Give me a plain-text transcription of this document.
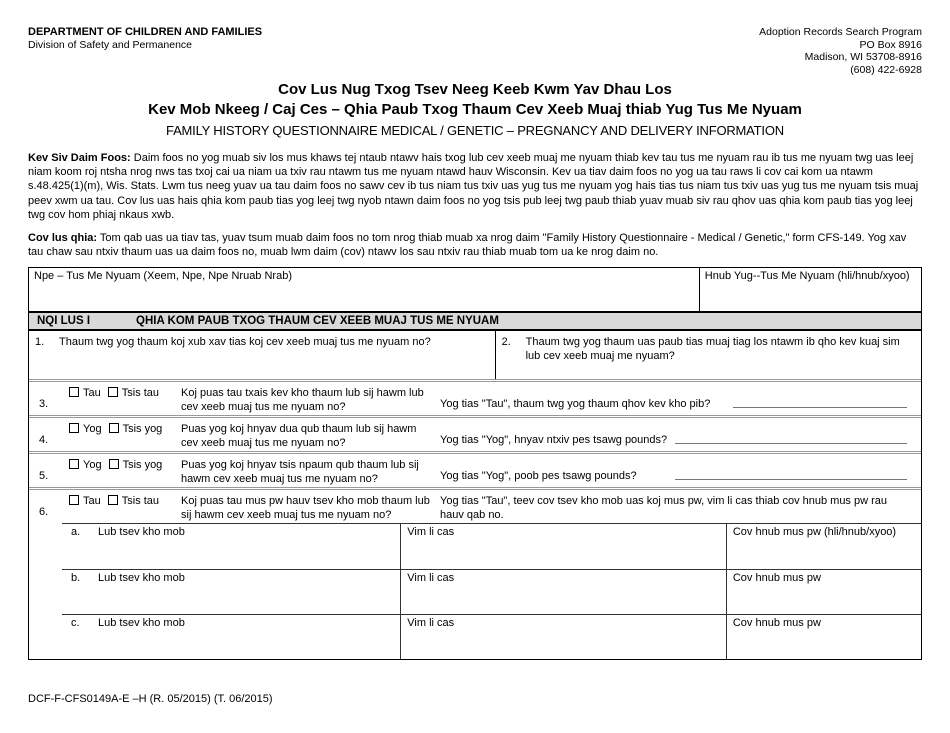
DEPARTMENT OF CHILDREN AND FAMILIES
Division of Safety and Permanence
Adoption Records Search Program
PO Box 8916
Madison, WI 53708-8916
(608) 422-6928
Cov Lus Nug Txog Tsev Neeg Keeb Kwm Yav Dhau Los
Kev Mob Nkeeg / Caj Ces – Qhia Paub Txog Thaum Cev Xeeb Muaj thiab Yug Tus Me Nyuam
FAMILY HISTORY QUESTIONNAIRE MEDICAL / GENETIC – PREGNANCY AND DELIVERY INFORMATION

Kev Siv Daim Foos: Daim foos no yog muab siv los mus khaws tej ntaub ntawv hais txog lub cev xeeb muaj me nyuam thiab kev tau tus me nyuam rau ib tus me nyuam twg uas leej niam koom roj ntsha nrog nws tas txoj cai ua niam ua txiv rau ntawm tus me nyuam ntawd hauv Wisconsin. Kev ua tiav daim foos no yog ua tau raws li cov cai kom ua ntawm s.48.425(1)(m), Wis. Stats. Lwm tus neeg yuav ua tau daim foos no sawv cev ib tus niam tus txiv uas yug tus me nyuam yog hais tias tus niam tus txiv uas yug tus me nyuam tsis muaj peev xwm ua tau. Cov lus uas hais qhia kom paub tias yog leej twg nyob ntawn daim foos no yog tsis pub leej twg paub thiab yuav muab siv rau qhov uas qhia kom paub tias yog leej twg cov hom phiaj nkaus xwb.

Cov lus qhia: Tom qab uas ua tiav tas, yuav tsum muab daim foos no tom nrog thiab muab xa nrog daim "Family History Questionnaire - Medical / Genetic," form CFS-149. Yog xav tau chaw sau ntxiv thaum uas ua daim foos no, muab lwm daim (cov) ntawv los sau ntxiv rau thiab muab tom ua ke nrog daim no.

Npe – Tus Me Nyuam (Xeem, Npe, Npe Nruab Nrab)	Hnub Yug--Tus Me Nyuam (hli/hnub/xyoo)
NQI LUS I	QHIA KOM PAUB TXOG THAUM CEV XEEB MUAJ TUS ME NYUAM
1.	Thaum twg yog thaum koj xub xav tias koj cev xeeb muaj tus me nyuam no?	2.	Thaum twg yog thaum uas paub tias muaj tiag los ntawm ib qho kev kuaj sim lub cev xeeb muaj me nyuam?
3.
Tau Tsis tau	Koj puas tau txais kev kho thaum lub sij hawm lub cev xeeb muaj tus me nyuam no?	Yog tias "Tau", thaum twg yog thaum qhov kev kho pib?
4.
Yog Tsis yog	Puas yog koj hnyav dua qub thaum lub sij hawm cev xeeb muaj tus me nyuam no?	Yog tias "Yog", hnyav ntxiv pes tsawg pounds?
5.
Yog Tsis yog	Puas yog koj hnyav tsis npaum qub thaum lub sij hawm cev xeeb muaj tus me nyuam no?	Yog tias "Yog", poob pes tsawg pounds?
6.
Tau Tsis tau	Koj puas tau mus pw hauv tsev kho mob thaum lub sij hawm cev xeeb muaj tus me nyuam no?
Yog tias "Tau", teev cov tsev kho mob uas koj mus pw, vim li cas thiab cov hnub mus pw rau hauv qab no.
a.	Lub tsev kho mob	Vim li cas	Cov hnub mus pw (hli/hnub/xyoo)
b.	Lub tsev kho mob	Vim li cas	Cov hnub mus pw
c.	Lub tsev kho mob	Vim li cas	Cov hnub mus pw
DCF-F-CFS0149A-E –H (R. 05/2015) (T. 06/2015)
